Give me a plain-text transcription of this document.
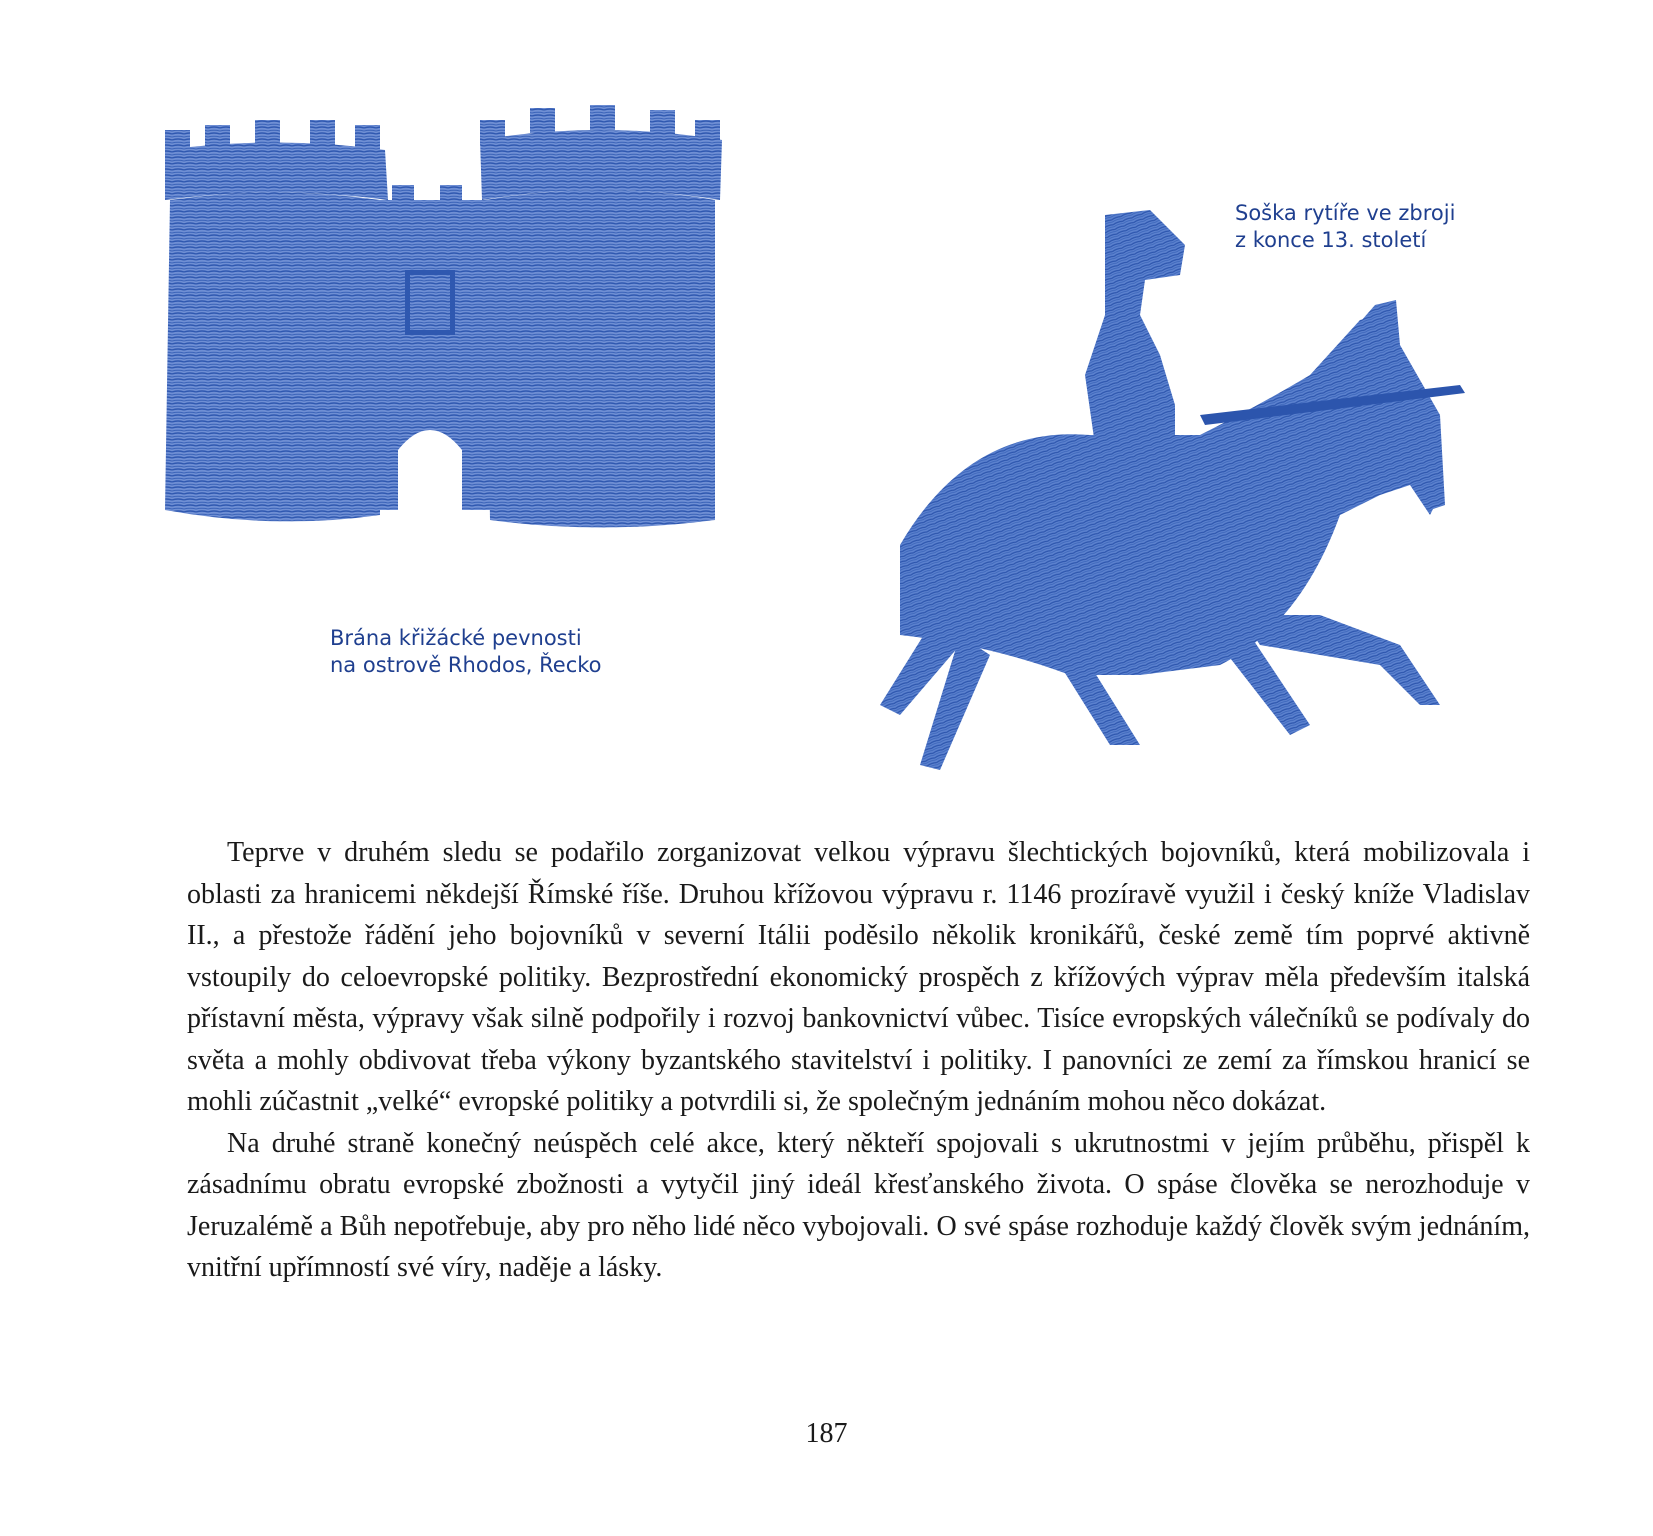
Brána křižácké pevnosti
na ostrově Rhodos, Řecko
Soška rytíře ve zbroji
z konce 13. století

Teprve v druhém sledu se podařilo zorganizovat velkou výpravu šlechtických bojovníků, která mobilizovala i oblasti za hranicemi někdejší Římské říše. Druhou křížovou výpravu r. 1146 prozíravě využil i český kníže Vladislav II., a přestože řádění jeho bojovníků v severní Itálii poděsilo několik kronikářů, české země tím poprvé aktivně vstoupily do celoevropské politiky. Bezprostřední ekonomický prospěch z křížových výprav měla především italská přístavní města, výpravy však silně podpořily i rozvoj bankovnictví vůbec. Tisíce evropských válečníků se podívaly do světa a mohly obdivovat třeba výkony byzantského stavitelství i politiky. I panovníci ze zemí za římskou hranicí se mohli zúčastnit „velké“ evropské politiky a potvrdili si, že společným jednáním mohou něco dokázat.

Na druhé straně konečný neúspěch celé akce, který někteří spojovali s ukrutnostmi v jejím průběhu, přispěl k zásadnímu obratu evropské zbožnosti a vytyčil jiný ideál křesťanského života. O spáse člověka se nerozhoduje v Jeruzalémě a Bůh nepotřebuje, aby pro něho lidé něco vybojovali. O své spáse rozhoduje každý člověk svým jednáním, vnitřní upřímností své víry, naděje a lásky.

187
